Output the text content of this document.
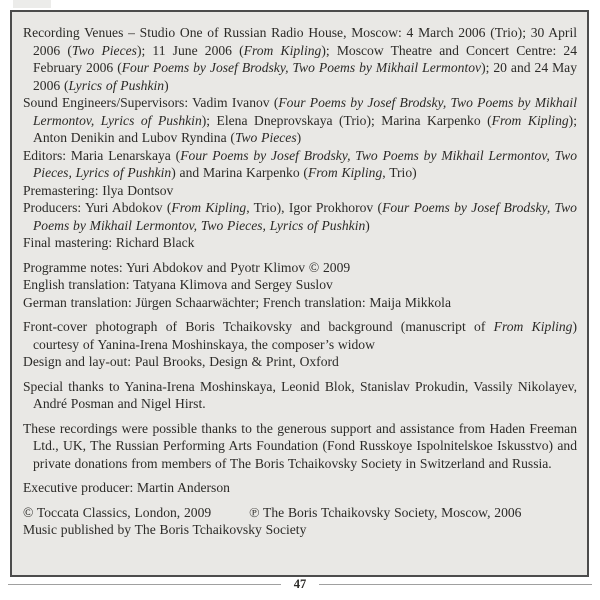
Recording Venues – Studio One of Russian Radio House, Moscow: 4 March 2006 (Trio); 30 April 2006 (Two Pieces); 11 June 2006 (From Kipling); Moscow Theatre and Concert Centre: 24 February 2006 (Four Poems by Josef Brodsky, Two Poems by Mikhail Lermontov); 20 and 24 May 2006 (Lyrics of Pushkin)

Sound Engineers/Supervisors: Vadim Ivanov (Four Poems by Josef Brodsky, Two Poems by Mikhail Lermontov, Lyrics of Pushkin); Elena Dneprovskaya (Trio); Marina Karpenko (From Kipling); Anton Denikin and Lubov Ryndina (Two Pieces)

Editors: Maria Lenarskaya (Four Poems by Josef Brodsky, Two Poems by Mikhail Lermontov, Two Pieces, Lyrics of Pushkin) and Marina Karpenko (From Kipling, Trio)

Premastering: Ilya Dontsov

Producers: Yuri Abdokov (From Kipling, Trio), Igor Prokhorov (Four Poems by Josef Brodsky, Two Poems by Mikhail Lermontov, Two Pieces, Lyrics of Pushkin)

Final mastering: Richard Black

Programme notes: Yuri Abdokov and Pyotr Klimov © 2009

English translation: Tatyana Klimova and Sergey Suslov

German translation: Jürgen Schaarwächter; French translation: Maija Mikkola

Front-cover photograph of Boris Tchaikovsky and background (manuscript of From Kipling) courtesy of Yanina-Irena Moshinskaya, the composer’s widow

Design and lay-out: Paul Brooks, Design & Print, Oxford

Special thanks to Yanina-Irena Moshinskaya, Leonid Blok, Stanislav Prokudin, Vassily Nikolayev, André Posman and Nigel Hirst.

These recordings were possible thanks to the generous support and assistance from Haden Freeman Ltd., UK, The Russian Performing Arts Foundation (Fond Russkoye Ispolnitelskoe Iskusstvo) and private donations from members of The Boris Tchaikovsky Society in Switzerland and Russia.

Executive producer: Martin Anderson

© Toccata Classics, London, 2009	℗ The Boris Tchaikovsky Society, Moscow, 2006

Music published by The Boris Tchaikovsky Society

47
